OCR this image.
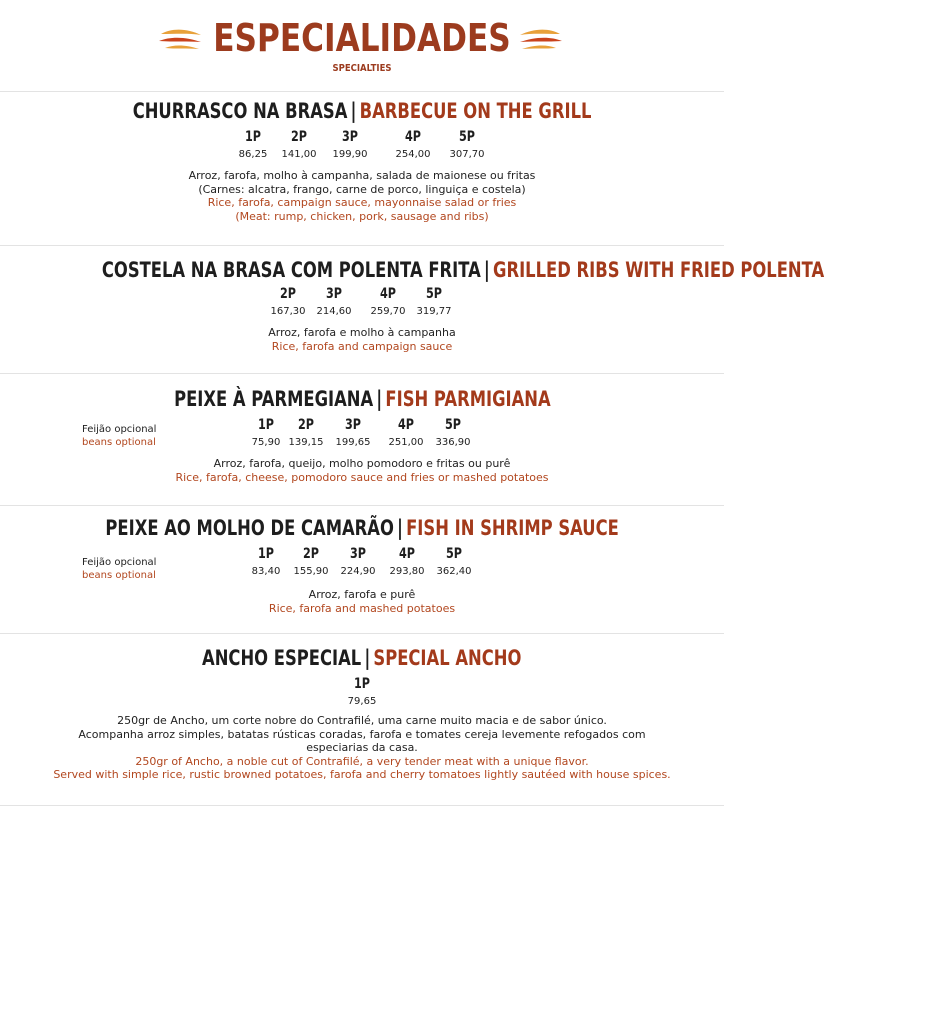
ESPECIALIDADES
SPECIALTIES
CHURRASCO NA BRASA | BARBECUE ON THE GRILL
1P
86,25
2P
141,00
3P
199,90
4P
254,00
5P
307,70
Arroz, farofa, molho à campanha, salada de maionese ou fritas
(Carnes: alcatra, frango, carne de porco, linguiça e costela)
Rice, farofa, campaign sauce, mayonnaise salad or fries
(Meat: rump, chicken, pork, sausage and ribs)
COSTELA NA BRASA COM POLENTA FRITA | GRILLED RIBS WITH FRIED POLENTA
2P
167,30
3P
214,60
4P
259,70
5P
319,77
Arroz, farofa e molho à campanha
Rice, farofa and campaign sauce
PEIXE À PARMEGIANA | FISH PARMIGIANA
1P
75,90
2P
139,15
3P
199,65
4P
251,00
5P
336,90
Arroz, farofa, queijo, molho pomodoro e fritas ou purê
Rice, farofa, cheese, pomodoro sauce and fries or mashed potatoes
Feijão opcional
beans optional
PEIXE AO MOLHO DE CAMARÃO | FISH IN SHRIMP SAUCE
1P
83,40
2P
155,90
3P
224,90
4P
293,80
5P
362,40
Arroz, farofa e purê
Rice, farofa and mashed potatoes
Feijão opcional
beans optional
ANCHO ESPECIAL | SPECIAL ANCHO
1P
79,65
250gr de Ancho, um corte nobre do Contrafilé, uma carne muito macia e de sabor único.
Acompanha arroz simples, batatas rústicas coradas, farofa e tomates cereja levemente refogados com
especiarias da casa.
250gr of Ancho, a noble cut of Contrafilé, a very tender meat with a unique flavor.
Served with simple rice, rustic browned potatoes, farofa and cherry tomatoes lightly sautéed with house spices.
